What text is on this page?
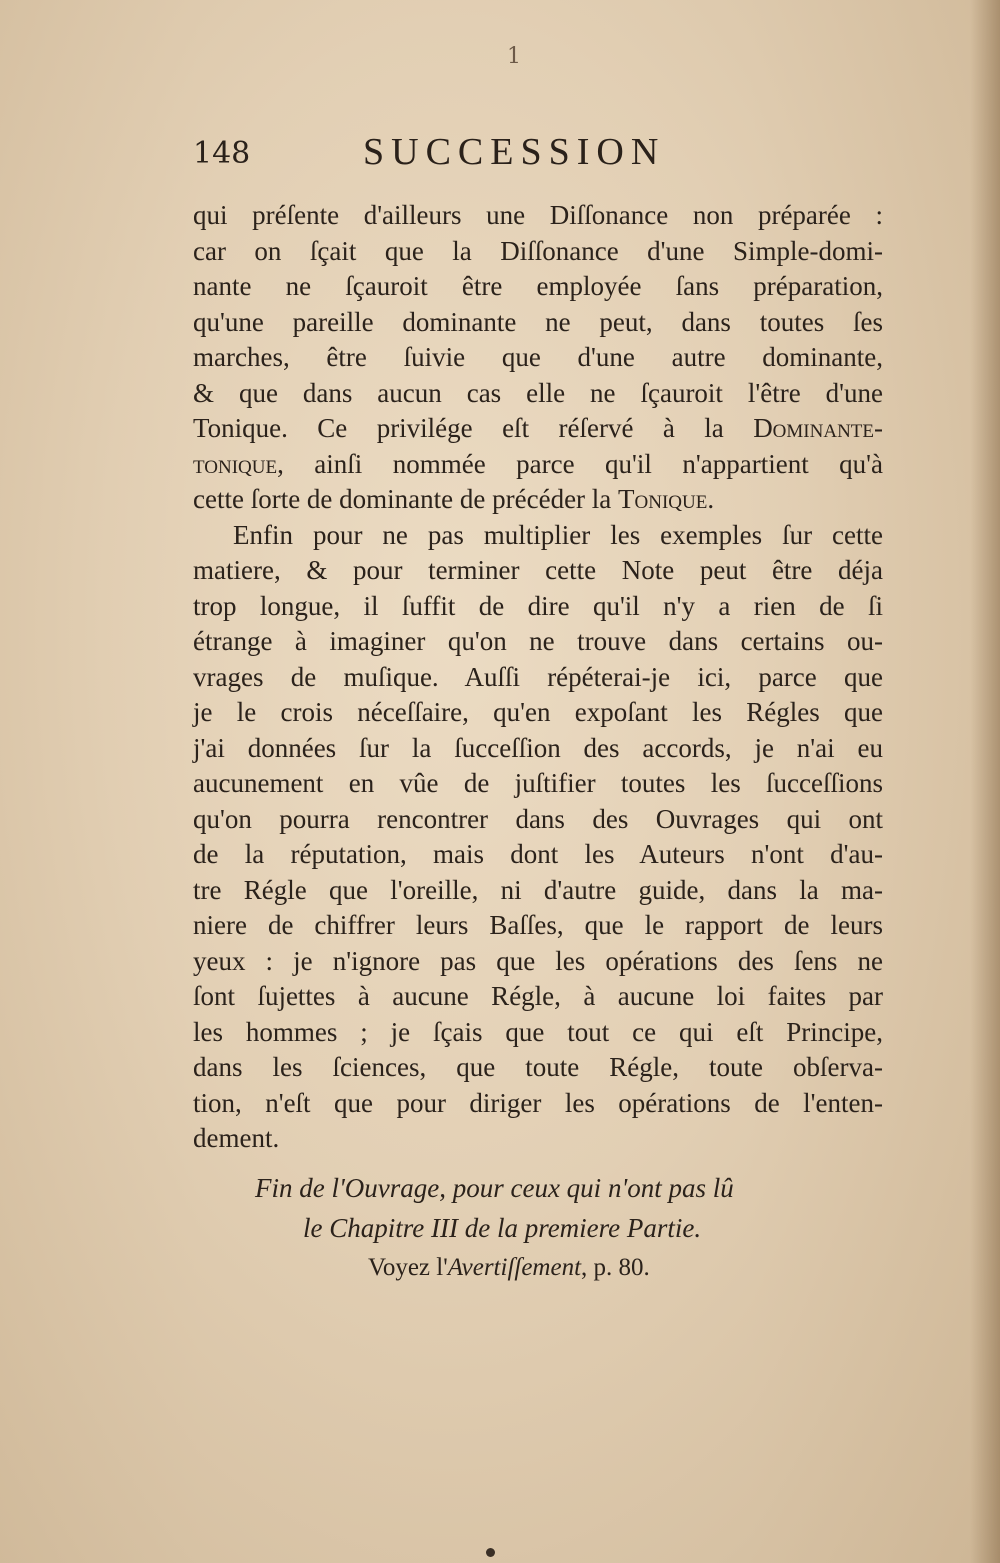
1
148	SUCCESSION
qui préſente d'ailleurs une Diſſonance non préparée :
car on ſçait que la Diſſonance d'une Simple-domi-
nante ne ſçauroit être employée ſans préparation,
qu'une pareille dominante ne peut, dans toutes ſes
marches, être ſuivie que d'une autre dominante,
& que dans aucun cas elle ne ſçauroit l'être d'une
Tonique. Ce privilége eſt réſervé à la Dominante-
tonique, ainſi nommée parce qu'il n'appartient qu'à
cette ſorte de dominante de précéder la Tonique.
Enfin pour ne pas multiplier les exemples ſur cette
matiere, & pour terminer cette Note peut être déja
trop longue, il ſuffit de dire qu'il n'y a rien de ſi
étrange à imaginer qu'on ne trouve dans certains ou-
vrages de muſique. Auſſi répéterai-je ici, parce que
je le crois néceſſaire, qu'en expoſant les Régles que
j'ai données ſur la ſucceſſion des accords, je n'ai eu
aucunement en vûe de juſtifier toutes les ſucceſſions
qu'on pourra rencontrer dans des Ouvrages qui ont
de la réputation, mais dont les Auteurs n'ont d'au-
tre Régle que l'oreille, ni d'autre guide, dans la ma-
niere de chiffrer leurs Baſſes, que le rapport de leurs
yeux : je n'ignore pas que les opérations des ſens ne
ſont ſujettes à aucune Régle, à aucune loi faites par
les hommes ; je ſçais que tout ce qui eſt Principe,
dans les ſciences, que toute Régle, toute obſerva-
tion, n'eſt que pour diriger les opérations de l'enten-
dement.
Fin de l'Ouvrage, pour ceux qui n'ont pas lû
le Chapitre III de la premiere Partie.
Voyez l'Avertiſſement, p. 80.
